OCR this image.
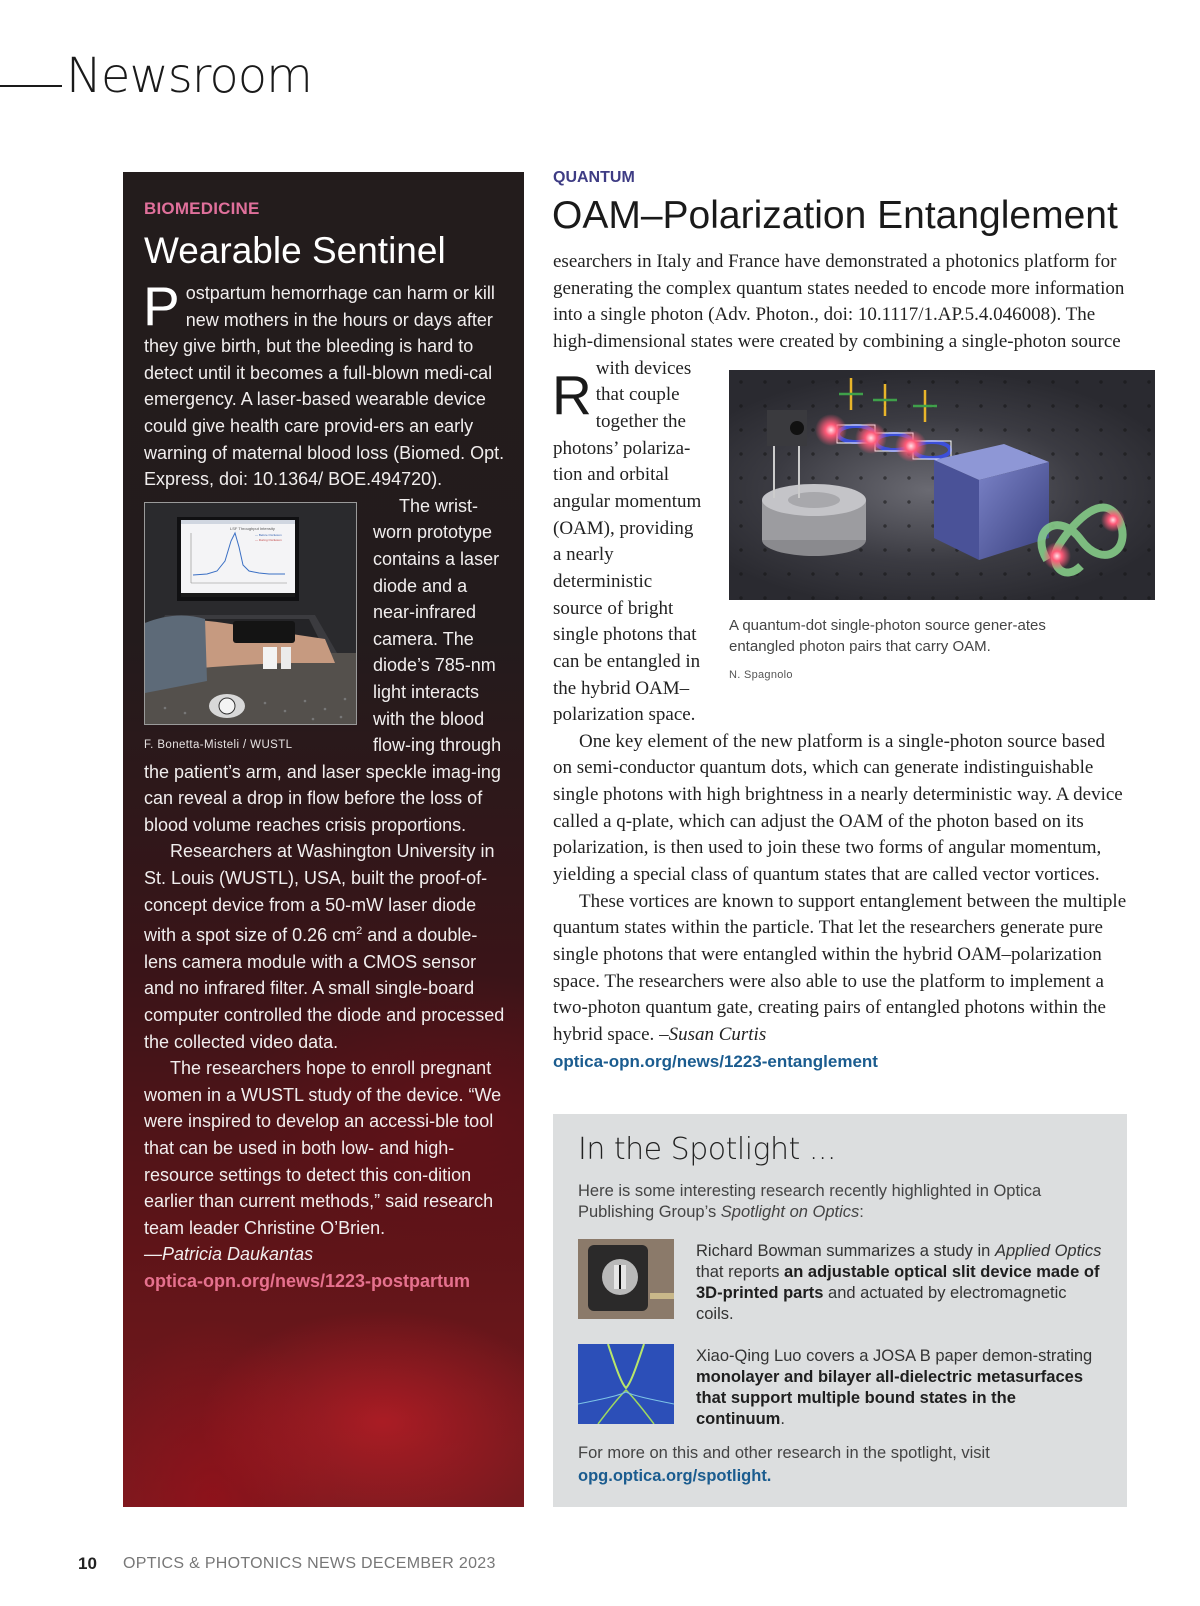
Newsroom
BIOMEDICINE
Wearable Sentinel

Postpartum hemorrhage can harm or kill new mothers in the hours or days after they give birth, but the bleeding is hard to detect until it becomes a full-blown medi-cal emergency. A laser-based wearable device could give health care provid-ers an early warning of maternal blood loss (Biomed. Opt. Express, doi: 10.1364/ BOE.494720).

LSF Throughput Intensity
— Before Occlusion
— During Occlusion
F. Bonetta-Misteli / WUSTL

The wrist-worn prototype contains a laser diode and a near-infrared camera. The diode’s 785-nm light interacts with the blood flow-ing through the patient’s arm, and laser speckle imag-ing can reveal a drop in flow before the loss of blood volume reaches crisis proportions.

Researchers at Washington University in St. Louis (WUSTL), USA, built the proof-of-concept device from a 50-mW laser diode with a spot size of 0.26 $cm^2$ and a double-lens camera module with a CMOS sensor and no infrared filter. A small single-board computer controlled the diode and processed the collected video data.

The researchers hope to enroll pregnant women in a WUSTL study of the device. “We were inspired to develop an accessi-ble tool that can be used in both low- and high-resource settings to detect this con-dition earlier than current methods,” said research team leader Christine O’Brien.

—Patricia Daukantas

optica-opn.org/news/1223-postpartum

QUANTUM
OAM–Polarization Entanglement
A quantum-dot single-photon source gener-ates entangled photon pairs that carry OAM.
N. Spagnolo

R
esearchers in Italy and France have demonstrated a photonics platform for generating the complex quantum states needed to encode more information into a single photon (Adv. Photon., doi: 10.1117/1.AP.5.4.046008). The high-dimensional states were created by combining a single-photon source with devices that couple together the photons’ polariza-tion and orbital angular momentum (OAM), providing a nearly deterministic source of bright single photons that can be entangled in the hybrid OAM–polarization space.

One key element of the new platform is a single-photon source based on semi-conductor quantum dots, which can generate indistinguishable single photons with high brightness in a nearly deterministic way. A device called a q-plate, which can adjust the OAM of the photon based on its polarization, is then used to join these two forms of angular momentum, yielding a special class of quantum states that are called vector vortices.

These vortices are known to support entanglement between the multiple quantum states within the particle. That let the researchers generate pure single photons that were entangled within the hybrid OAM–polarization space. The researchers were also able to use the platform to implement a two-photon quantum gate, creating pairs of entangled photons within the hybrid space. –Susan Curtis

optica-opn.org/news/1223-entanglement

In the Spotlight ...
Here is some interesting research recently highlighted in Optica Publishing Group’s Spotlight on Optics:
Richard Bowman summarizes a study in Applied Optics that reports an adjustable optical slit device made of 3D-printed parts and actuated by electromagnetic coils.
Xiao-Qing Luo covers a JOSA B paper demon-strating monolayer and bilayer all-dielectric metasurfaces that support multiple bound states in the continuum.
For more on this and other research in the spotlight, visit
opg.optica.org/spotlight.
10 OPTICS & PHOTONICS NEWS DECEMBER 2023
